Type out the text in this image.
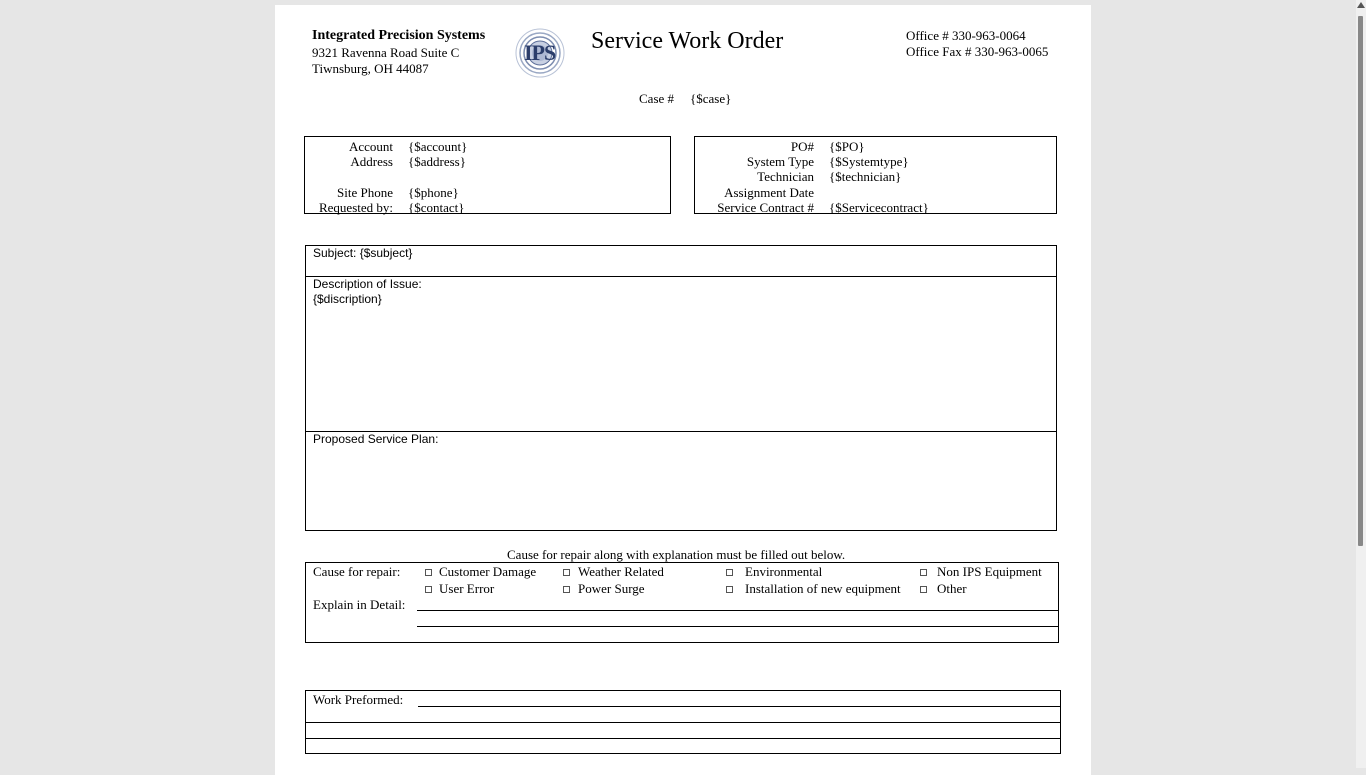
Integrated Precision Systems
9321 Ravenna Road Suite C
Tiwnsburg, OH 44087
IPS Service Work Order	Office # 330-963-0064
Office Fax # 330-963-0065
Case # {$case}
Account {$account}
Address {$address}
Site Phone {$phone}
Requested by: {$contact}
PO# {$PO}
System Type {$Systemtype}
Technician {$technician}
Assignment Date
Service Contract # {$Servicecontract}
Subject: {$subject}
Description of Issue:
{$discription}
Proposed Service Plan:
Cause for repair along with explanation must be filled out below.
Cause for repair:	Customer Damage	Weather Related	Environmental	Non IPS Equipment
User Error	Power Surge	Installation of new equipment	Other
Explain in Detail:
Work Preformed:
